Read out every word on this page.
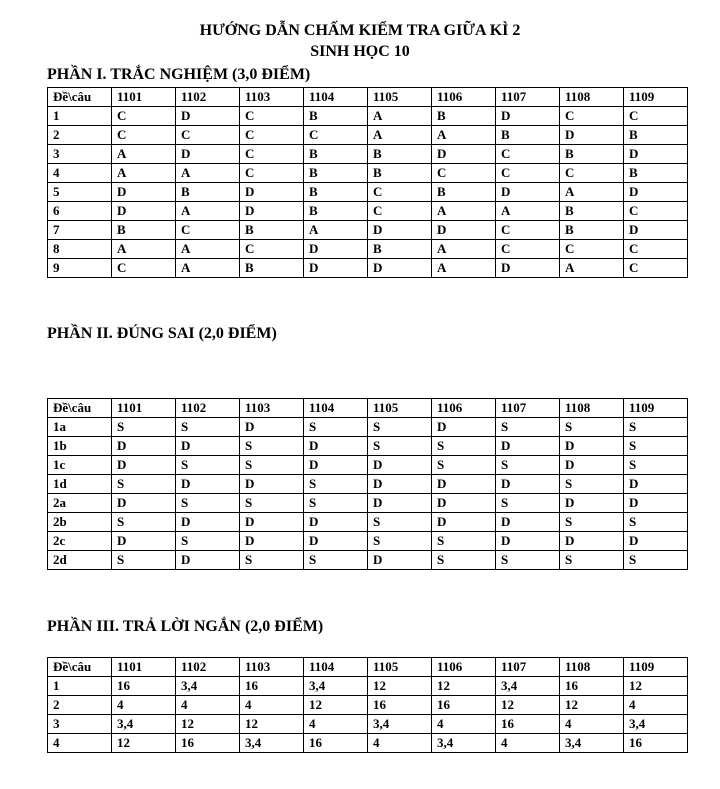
HƯỚNG DẪN CHẤM KIỂM TRA GIỮA KÌ 2
SINH HỌC 10
PHẦN I. TRẮC NGHIỆM (3,0 ĐIỂM)
Đề\câu	1101	1102	1103	1104	1105	1106	1107	1108	1109
1	C	D	C	B	A	B	D	C	C
2	C	C	C	C	A	A	B	D	B
3	A	D	C	B	B	D	C	B	D
4	A	A	C	B	B	C	C	C	B
5	D	B	D	B	C	B	D	A	D
6	D	A	D	B	C	A	A	B	C
7	B	C	B	A	D	D	C	B	D
8	A	A	C	D	B	A	C	C	C
9	C	A	B	D	D	A	D	A	C
PHẦN II. ĐÚNG SAI (2,0 ĐIỂM)
Đề\câu	1101	1102	1103	1104	1105	1106	1107	1108	1109
1a	S	S	D	S	S	D	S	S	S
1b	D	D	S	D	S	S	D	D	S
1c	D	S	S	D	D	S	S	D	S
1d	S	D	D	S	D	D	D	S	D
2a	D	S	S	S	D	D	S	D	D
2b	S	D	D	D	S	D	D	S	S
2c	D	S	D	D	S	S	D	D	D
2d	S	D	S	S	D	S	S	S	S
PHẦN III. TRẢ LỜI NGẮN (2,0 ĐIỂM)
Đề\câu	1101	1102	1103	1104	1105	1106	1107	1108	1109
1	16	3,4	16	3,4	12	12	3,4	16	12
2	4	4	4	12	16	16	12	12	4
3	3,4	12	12	4	3,4	4	16	4	3,4
4	12	16	3,4	16	4	3,4	4	3,4	16
